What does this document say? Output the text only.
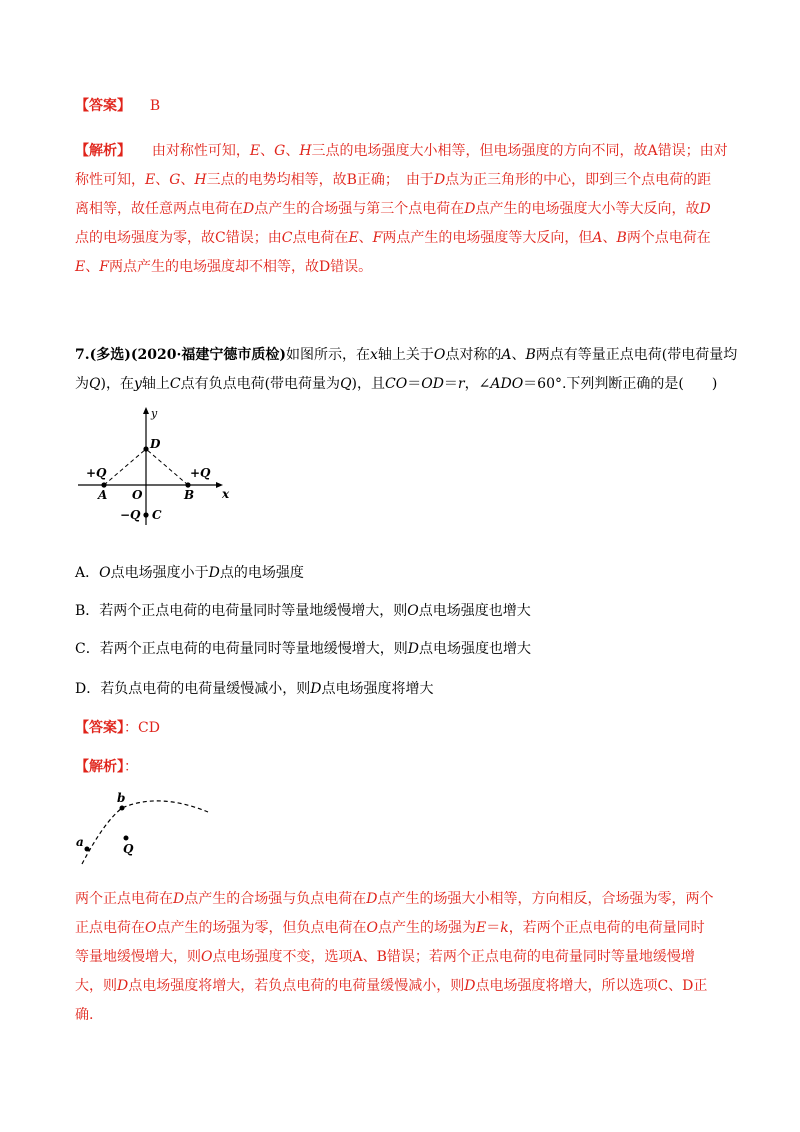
【答案】 B
【解析】 由对称性可知，E、G、H三点的电场强度大小相等，但电场强度的方向不同，故A错误；由对
称性可知，E、G、H三点的电势均相等，故B正确；　由于D点为正三角形的中心，即到三个点电荷的距
离相等，故任意两点电荷在D点产生的合场强与第三个点电荷在D点产生的电场强度大小等大反向，故D
点的电场强度为零，故C错误；由C点电荷在E、F两点产生的电场强度等大反向，但A、B两个点电荷在
E、F两点产生的电场强度却不相等，故D错误。
7.(多选)(2020·福建宁德市质检)如图所示，在x轴上关于O点对称的A、B两点有等量正点电荷(带电荷量均
为Q)，在y轴上C点有负点电荷(带电荷量为Q)，且CO＝OD＝r，∠ADO＝60°.下列判断正确的是(　　)
y
x
D
+Q	+Q
A O	B
−Q C
A．O点电场强度小于D点的电场强度
B．若两个正点电荷的电荷量同时等量地缓慢增大，则O点电场强度也增大
C．若两个正点电荷的电荷量同时等量地缓慢增大，则D点电场强度也增大
D．若负点电荷的电荷量缓慢减小，则D点电场强度将增大
【答案】：CD
【解析】：
a
b
Q
两个正点电荷在D点产生的合场强与负点电荷在D点产生的场强大小相等，方向相反，合场强为零，两个
正点电荷在O点产生的场强为零，但负点电荷在O点产生的场强为E＝k，若两个正点电荷的电荷量同时
等量地缓慢增大，则O点电场强度不变，选项A、B错误；若两个正点电荷的电荷量同时等量地缓慢增
大，则D点电场强度将增大，若负点电荷的电荷量缓慢减小，则D点电场强度将增大，所以选项C、D正
确.
